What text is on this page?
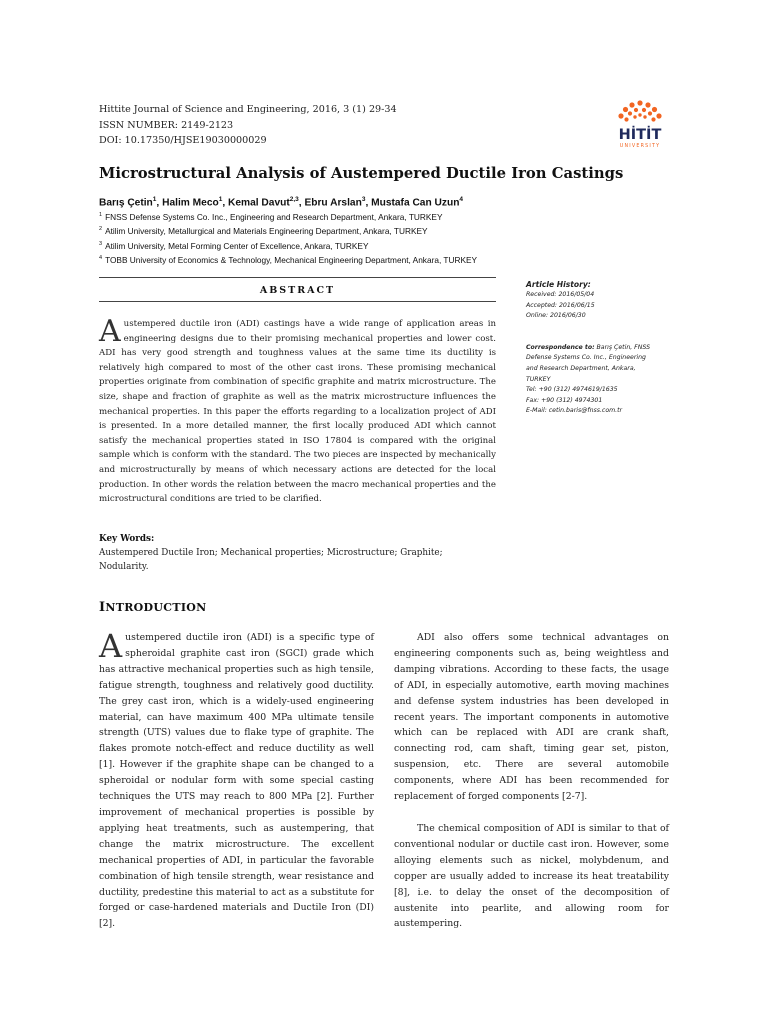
Hittite Journal of Science and Engineering, 2016, 3 (1) 29-34
ISSN NUMBER: 2149-2123
DOI: 10.17350/HJSE19030000029	HİTİT
UNIVERSITY
Microstructural Analysis of Austempered Ductile Iron Castings
Barış Çetin$^1$, Halim Meco$^1$, Kemal Davut$^{2,3}$, Ebru Arslan$^3$, Mustafa Can Uzun$^4$
$^1$ FNSS Defense Systems Co. Inc., Engineering and Research Department, Ankara, TURKEY
$^2$ Atilim University, Metallurgical and Materials Engineering Department, Ankara, TURKEY
$^3$ Atilim University, Metal Forming Center of Excellence, Ankara, TURKEY
$^4$ TOBB University of Economics & Technology, Mechanical Engineering Department, Ankara, TURKEY
ABSTRACT
Austempered ductile iron (ADI) castings have a wide range of application areas in engineering designs due to their promising mechanical properties and lower cost. ADI has very good strength and toughness values at the same time its ductility is relatively high compared to most of the other cast irons. These promising mechanical properties originate from combination of specific graphite and matrix microstructure. The size, shape and fraction of graphite as well as the matrix microstructure influences the mechanical properties. In this paper the efforts regarding to a localization project of ADI is presented. In a more detailed manner, the first locally produced ADI which cannot satisfy the mechanical properties stated in ISO 17804 is compared with the original sample which is conform with the standard. The two pieces are inspected by mechanically and microstructurally by means of which necessary actions are detected for the local production. In other words the relation between the macro mechanical properties and the microstructural conditions are tried to be clarified.
Article History:
Received: 2016/05/04
Accepted: 2016/06/15
Online: 2016/06/30
Correspondence to: Barış Çetin, FNSS
Defense Systems Co. Inc., Engineering
and Research Department, Ankara,
TURKEY
Tel: +90 (312) 4974619/1635
Fax: +90 (312) 4974301
E-Mail: cetin.baris@fnss.com.tr
Key Words:
Austempered Ductile Iron; Mechanical properties; Microstructure; Graphite; Nodularity.
INTRODUCTION
Austempered ductile iron (ADI) is a specific type of spheroidal graphite cast iron (SGCI) grade which has attractive mechanical properties such as high tensile, fatigue strength, toughness and relatively good ductility. The grey cast iron, which is a widely-used engineering material, can have maximum 400 MPa ultimate tensile strength (UTS) values due to flake type of graphite. The flakes promote notch-effect and reduce ductility as well [1]. However if the graphite shape can be changed to a spheroidal or nodular form with some special casting techniques the UTS may reach to 800 MPa [2]. Further improvement of mechanical properties is possible by applying heat treatments, such as austempering, that change the matrix microstructure. The excellent mechanical properties of ADI, in particular the favorable combination of high tensile strength, wear resistance and ductility, predestine this material to act as a substitute for forged or case-hardened materials and Ductile Iron (DI) [2].

ADI also offers some technical advantages on engineering components such as, being weightless and damping vibrations. According to these facts, the usage of ADI, in especially automotive, earth moving machines and defense system industries has been developed in recent years. The important components in automotive which can be replaced with ADI are crank shaft, connecting rod, cam shaft, timing gear set, piston, suspension, etc. There are several automobile components, where ADI has been recommended for replacement of forged components [2-7].

The chemical composition of ADI is similar to that of conventional nodular or ductile cast iron. However, some alloying elements such as nickel, molybdenum, and copper are usually added to increase its heat treatability [8], i.e. to delay the onset of the decomposition of austenite into pearlite, and allowing room for austempering.
